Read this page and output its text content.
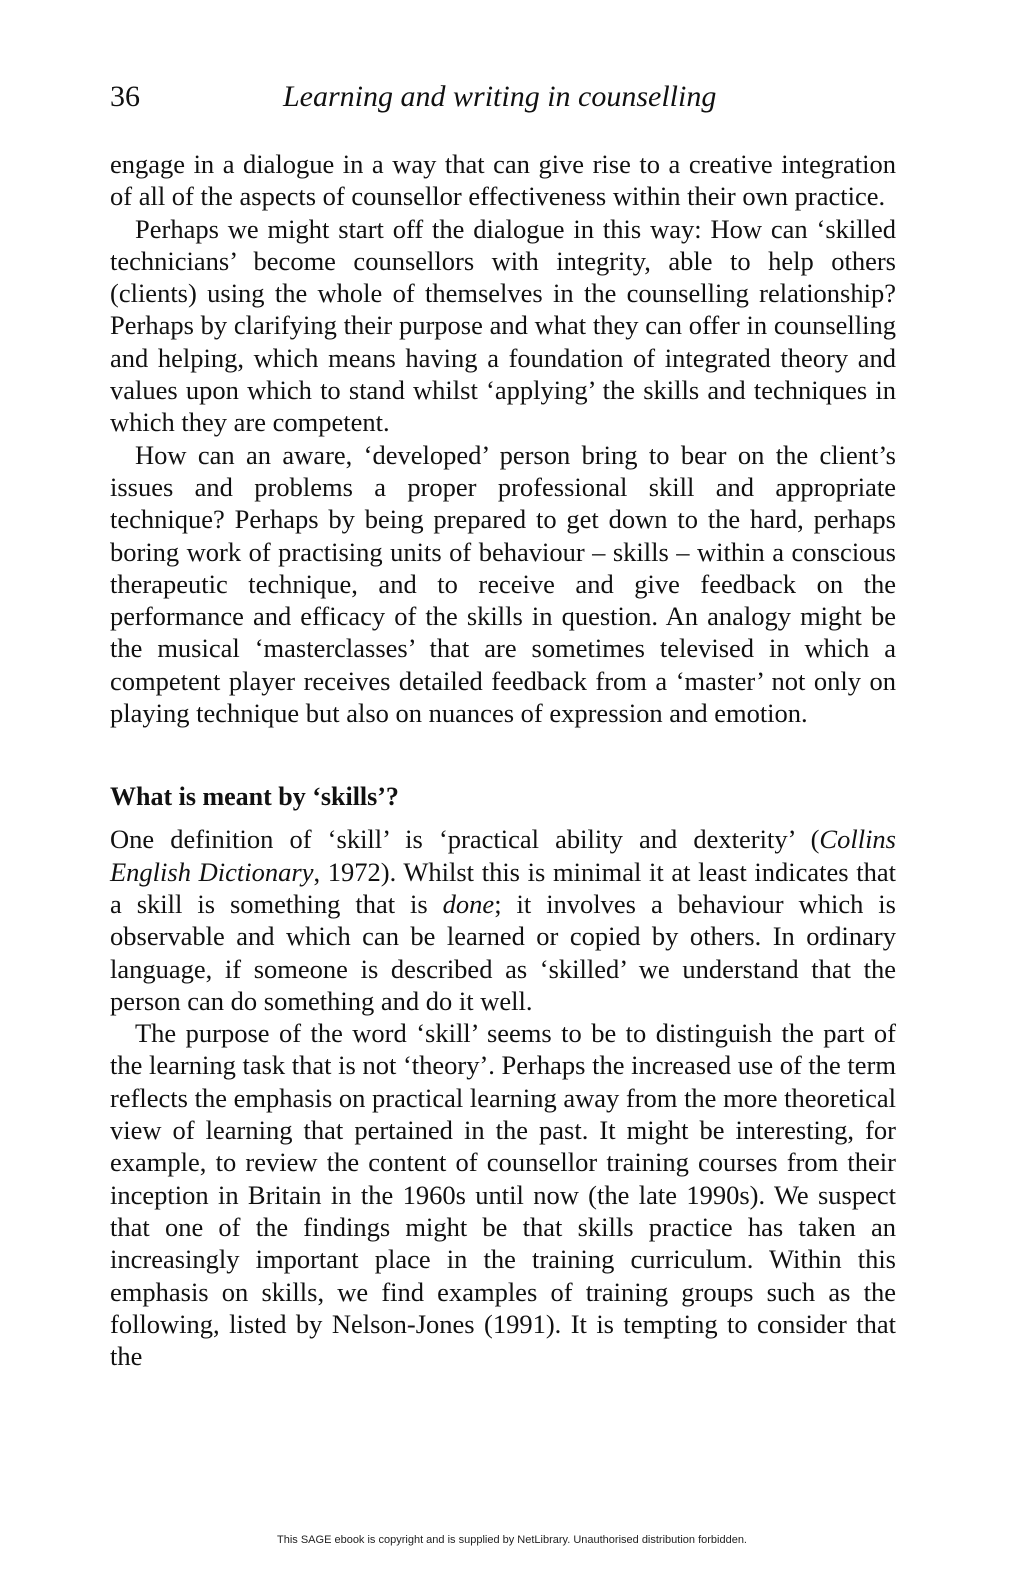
36	Learning and writing in counselling

engage in a dialogue in a way that can give rise to a creative integration of all of the aspects of counsellor effectiveness within their own practice.

Perhaps we might start off the dialogue in this way: How can ‘skilled technicians’ become counsellors with integrity, able to help others (clients) using the whole of themselves in the counselling relationship? Perhaps by clarifying their purpose and what they can offer in counselling and helping, which means having a foundation of integrated theory and values upon which to stand whilst ‘applying’ the skills and techniques in which they are competent.

How can an aware, ‘developed’ person bring to bear on the client’s issues and problems a proper professional skill and appropriate technique? Perhaps by being prepared to get down to the hard, perhaps boring work of practising units of behaviour – skills – within a conscious therapeutic technique, and to receive and give feedback on the performance and efficacy of the skills in question. An analogy might be the musical ‘masterclasses’ that are sometimes televised in which a competent player receives detailed feedback from a ‘master’ not only on playing technique but also on nuances of expression and emotion.

What is meant by ‘skills’?

One definition of ‘skill’ is ‘practical ability and dexterity’ (Collins English Dictionary, 1972). Whilst this is minimal it at least indicates that a skill is something that is done; it involves a behaviour which is observable and which can be learned or copied by others. In ordinary language, if someone is described as ‘skilled’ we understand that the person can do something and do it well.

The purpose of the word ‘skill’ seems to be to distinguish the part of the learning task that is not ‘theory’. Perhaps the increased use of the term reflects the emphasis on practical learning away from the more theoretical view of learning that pertained in the past. It might be interesting, for example, to review the content of counsellor training courses from their inception in Britain in the 1960s until now (the late 1990s). We suspect that one of the findings might be that skills practice has taken an increasingly important place in the training curriculum. Within this emphasis on skills, we find examples of training groups such as the following, listed by Nelson-Jones (1991). It is tempting to consider that the

This SAGE ebook is copyright and is supplied by NetLibrary. Unauthorised distribution forbidden.
